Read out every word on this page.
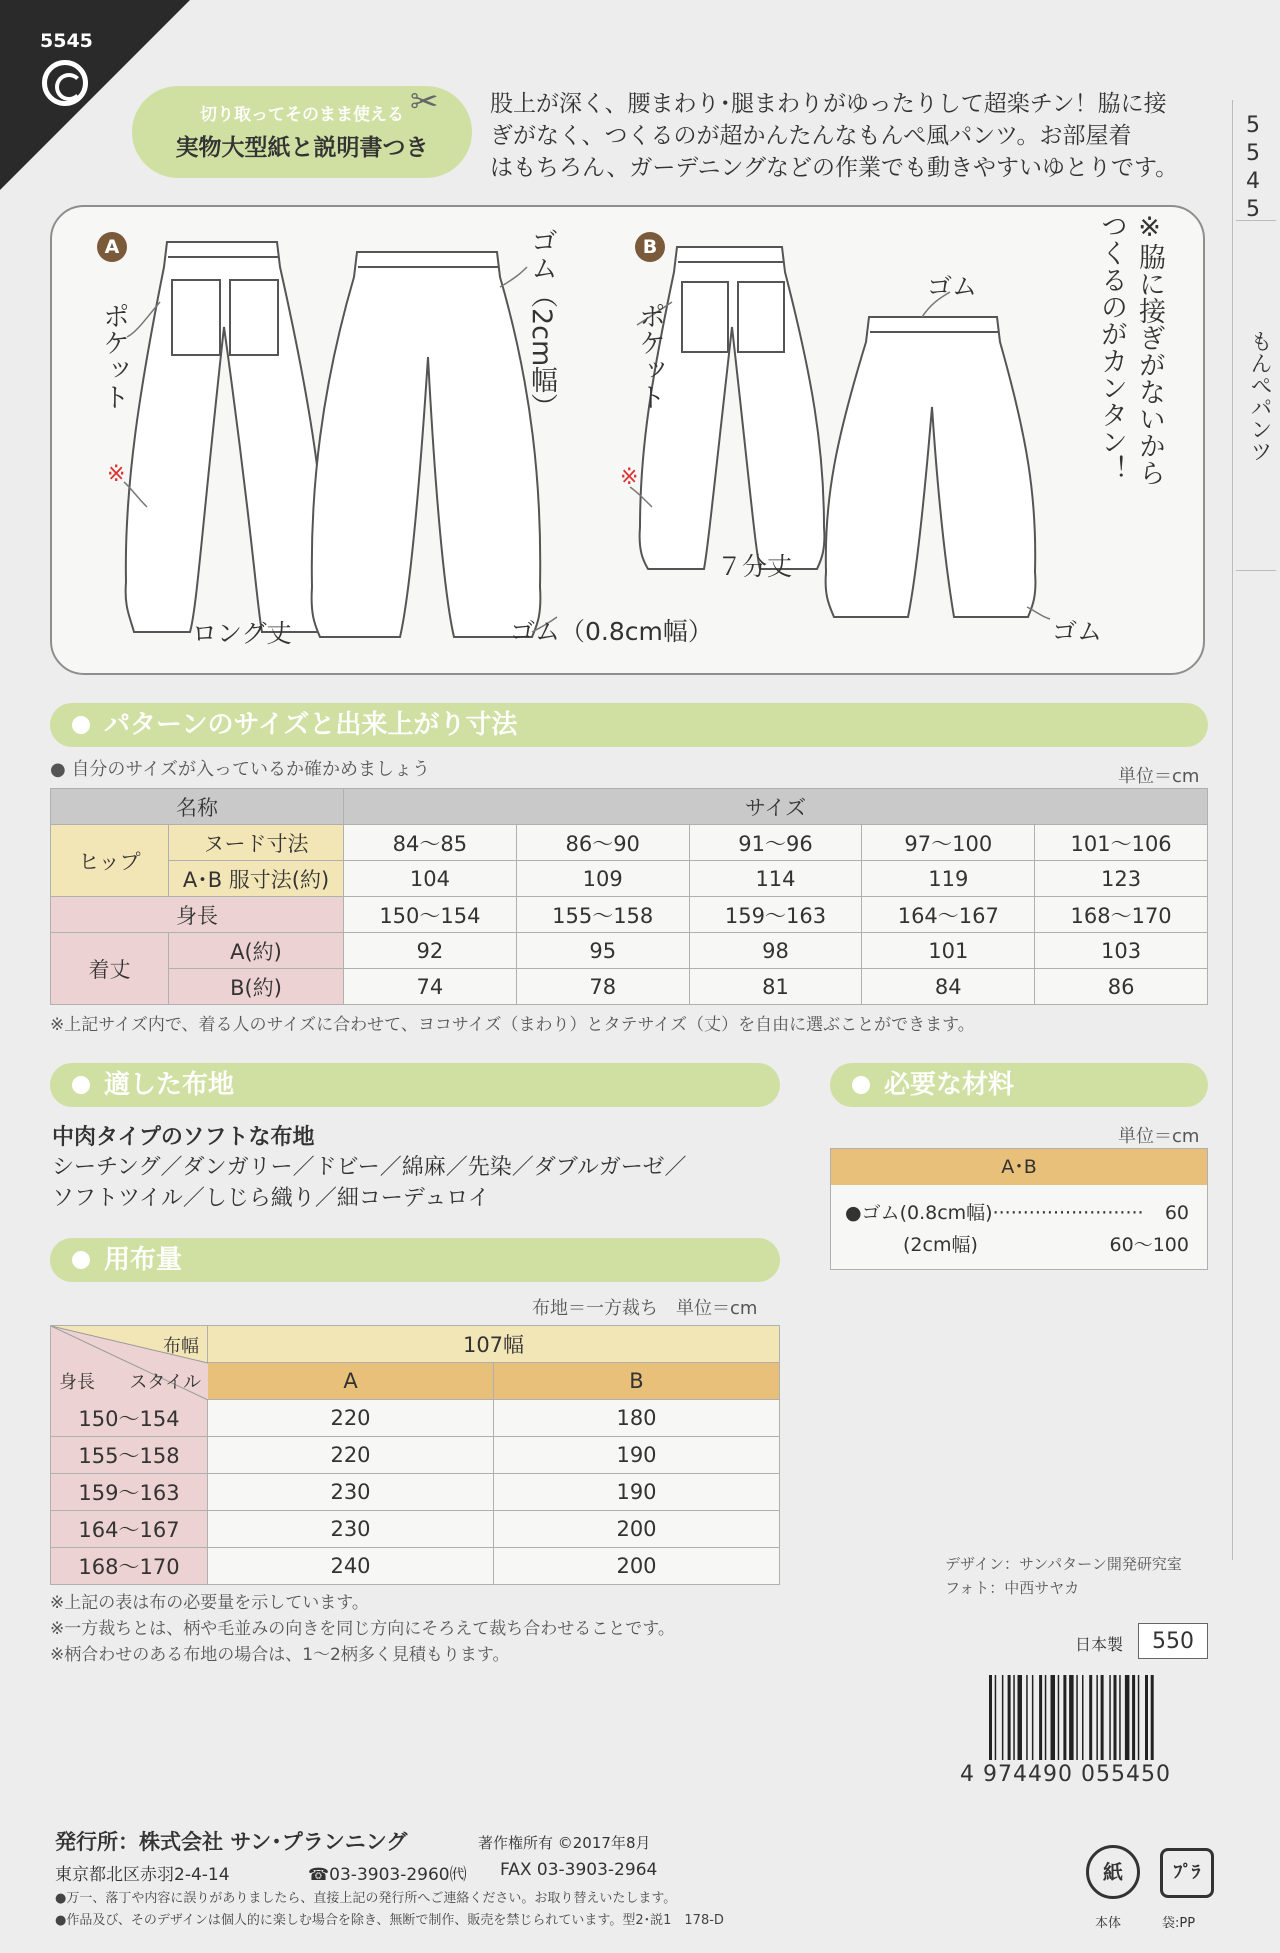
5545
切り取ってそのまま使える
実物大型紙と説明書つき
✂ 股上が深く、腰まわり･腿まわりがゆったりして超楽チン！脇に接
ぎがなく、つくるのが超かんたんなもんぺ風パンツ。お部屋着
はもちろん、ガーデニングなどの作業でも動きやすいゆとりです。
5
5
4
5
もんぺパンツ
A
ポケット
※
ロング丈
ゴム（2cm幅）
ゴム（0.8cm幅）
B
ポケット
※
７分丈
ゴム
ゴム
※脇に接ぎがないから
つくるのがカンタン！
パターンのサイズと出来上がり寸法
● 自分のサイズが入っているか確かめましょう	単位＝cm
名称		サイズ				
ヒップ	ヌード寸法	84〜85	86〜90	91〜96	97〜100	101〜106
	A･B 服寸法(約)	104	109	114	119	123
身長		150〜154	155〜158	159〜163	164〜167	168〜170
着丈	A(約)	92	95	98	101	103
	B(約)	74	78	81	84	86
※上記サイズ内で、着る人のサイズに合わせて、ヨコサイズ（まわり）とタテサイズ（丈）を自由に選ぶことができます。
適した布地
中肉タイプのソフトな布地
シーチング／ダンガリー／ドビー／綿麻／先染／ダブルガーゼ／
ソフトツイル／しじら織り／細コーデュロイ
必要な材料
単位＝cm
A･B
●ゴム(0.8cm幅)························· 60
(2cm幅)	60〜100
用布量
布地＝一方裁ち　単位＝cm
布幅
スタイル
身長	107幅	
	A	B
150〜154	220	180
155〜158	220	190
159〜163	230	190
164〜167	230	200
168〜170	240	200
※上記の表は布の必要量を示しています。
※一方裁ちとは、柄や毛並みの向きを同じ方向にそろえて裁ち合わせることです。
※柄合わせのある布地の場合は、1〜2柄多く見積もります。
デザイン：サンパターン開発研究室
フォト：中西サヤカ
日本製	550
4 974490 055450
発行所：株式会社 サン･プランニング	著作権所有 ©2017年8月
東京都北区赤羽2-4-14	☎03-3903-2960㈹ FAX 03-3903-2964
●万一、落丁や内容に誤りがありましたら、直接上記の発行所へご連絡ください。お取り替えいたします。
●作品及び、そのデザインは個人的に楽しむ場合を除き、無断で制作、販売を禁じられています。型2･説1　178-D
紙
本体
ﾌﾟﾗ
袋:PP
